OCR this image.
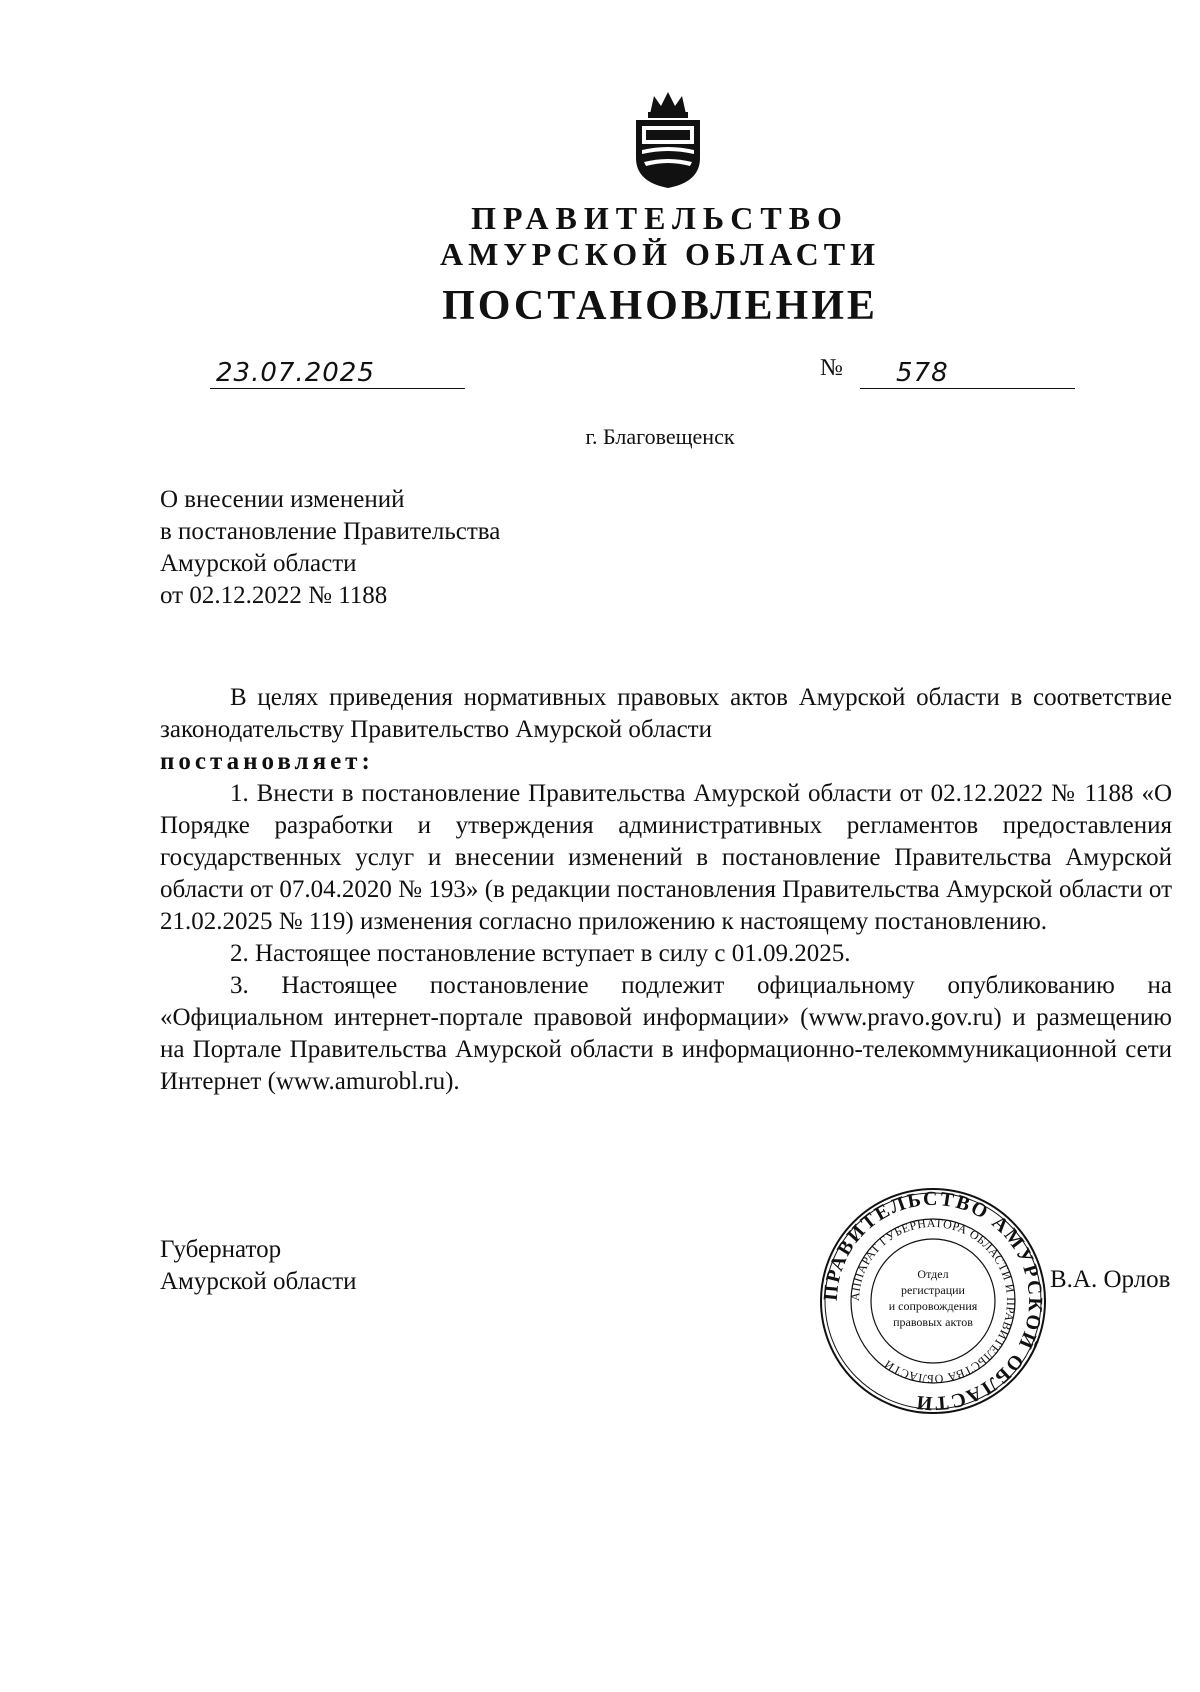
ПРАВИТЕЛЬСТВО
АМУРСКОЙ ОБЛАСТИ
ПОСТАНОВЛЕНИЕ
23.07.2025	№ 578
г. Благовещенск
О внесении изменений
в постановление Правительства
Амурской области
от 02.12.2022 № 1188

В целях приведения нормативных правовых актов Амурской области в соответствие законодательству Правительство Амурской области

постановляет:

1. Внести в постановление Правительства Амурской области от 02.12.2022 № 1188 «О Порядке разработки и утверждения административных регламентов предоставления государственных услуг и внесении изменений в постановление Правительства Амурской области от 07.04.2020 № 193» (в редакции постановления Правительства Амурской области от 21.02.2025 № 119) изменения согласно приложению к настоящему постановлению.

2. Настоящее постановление вступает в силу с 01.09.2025.

3. Настоящее постановление подлежит официальному опубликованию на «Официальном интернет-портале правовой информации» (www.pravo.gov.ru) и размещению на Портале Правительства Амурской области в информационно-телекоммуникационной сети Интернет (www.amurobl.ru).

Губернатор
Амурской области	ПРАВИТЕЛЬСТВО АМУРСКОЙ ОБЛАСТИ
АППАРАТ ГУБЕРНАТОРА ОБЛАСТИ И ПРАВИТЕЛЬСТВА ОБЛАСТИ
Отдел
регистрации
и сопровождения
правовых актов
В.А. Орлов
